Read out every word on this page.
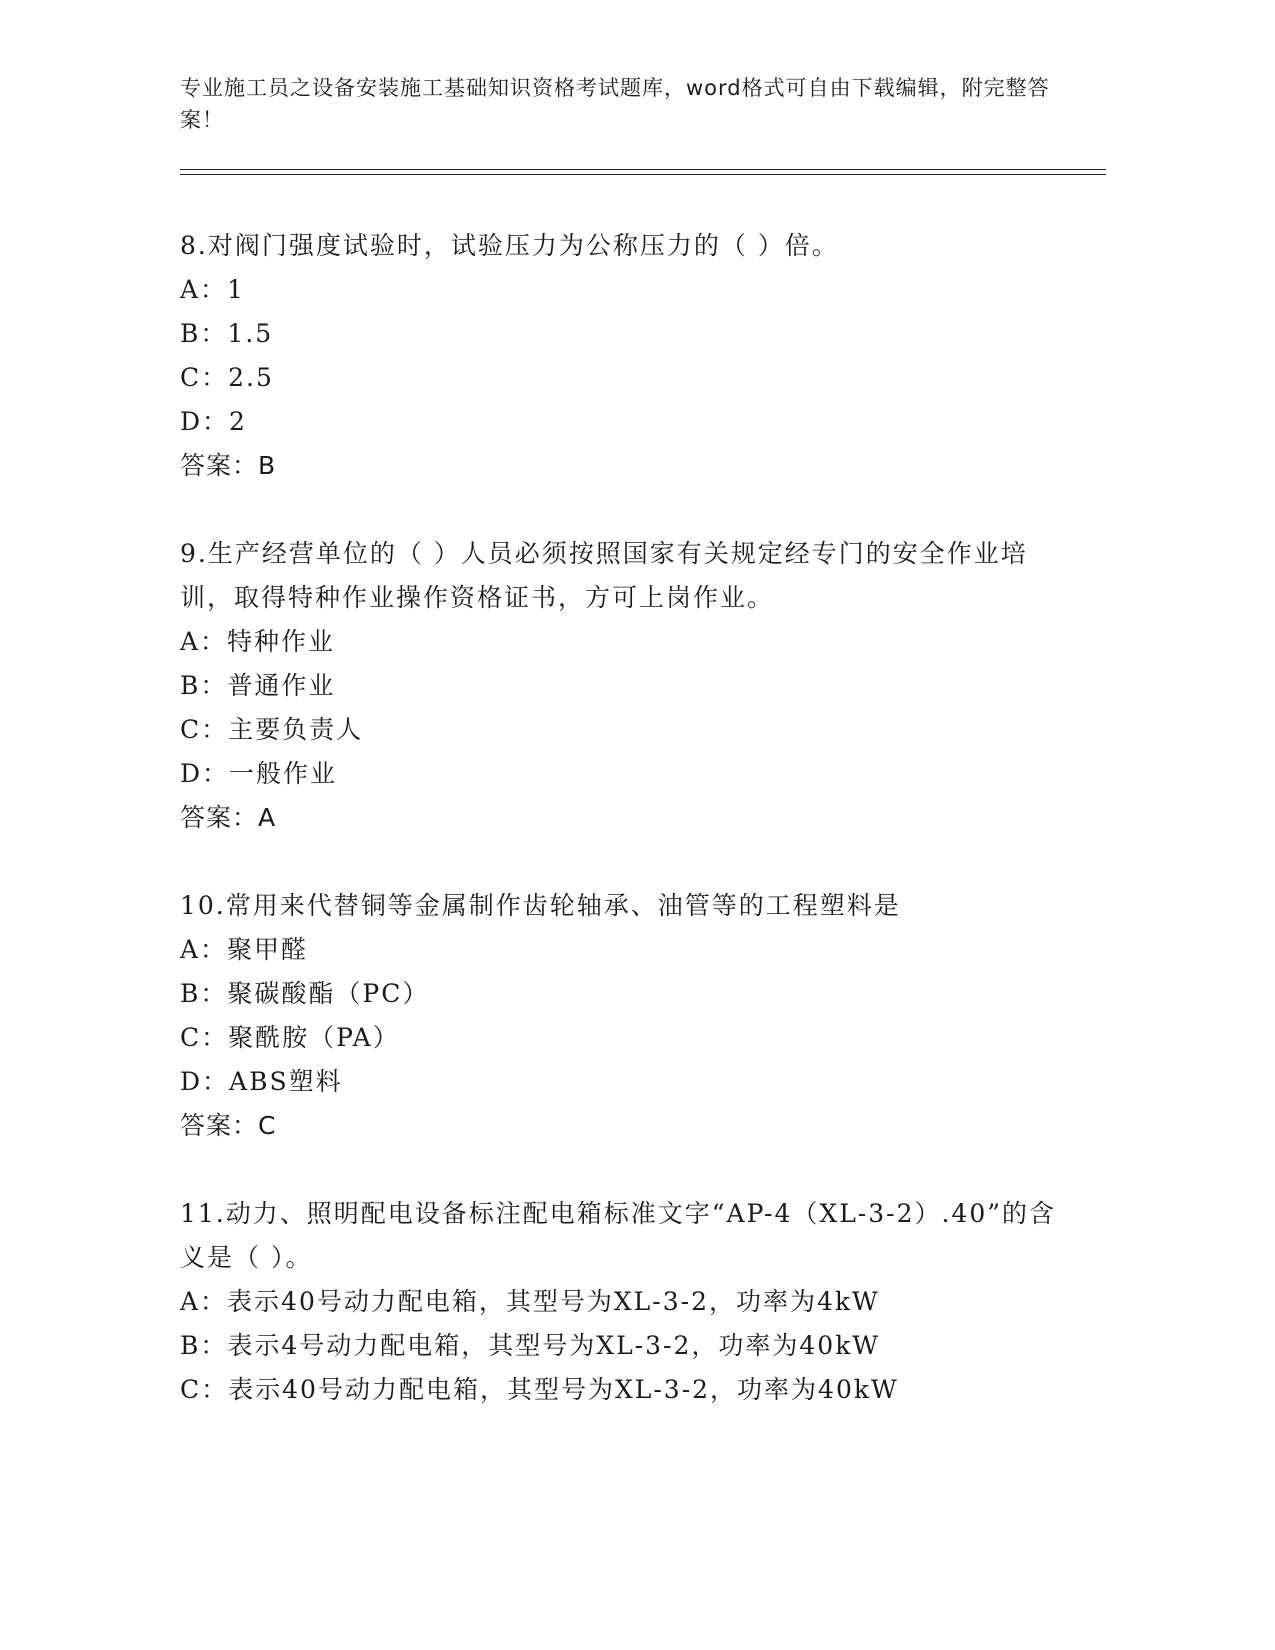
专业施工员之设备安装施工基础知识资格考试题库，word格式可自由下载编辑，附完整答案！
8.对阀门强度试验时，试验压力为公称压力的（ ）倍。
A：1
B：1.5
C：2.5
D：2
答案：B
9.生产经营单位的（ ）人员必须按照国家有关规定经专门的安全作业培训，取得特种作业操作资格证书，方可上岗作业。
A：特种作业
B：普通作业
C：主要负责人
D：一般作业
答案：A
10.常用来代替铜等金属制作齿轮轴承、油管等的工程塑料是
A：聚甲醛
B：聚碳酸酯（PC）
C：聚酰胺（PA）
D：ABS塑料
答案：C
11.动力、照明配电设备标注配电箱标准文字“AP-4（XL-3-2）.40”的含义是（ ）。
A：表示40号动力配电箱，其型号为XL-3-2，功率为4kW
B：表示4号动力配电箱，其型号为XL-3-2，功率为40kW
C：表示40号动力配电箱，其型号为XL-3-2，功率为40kW
